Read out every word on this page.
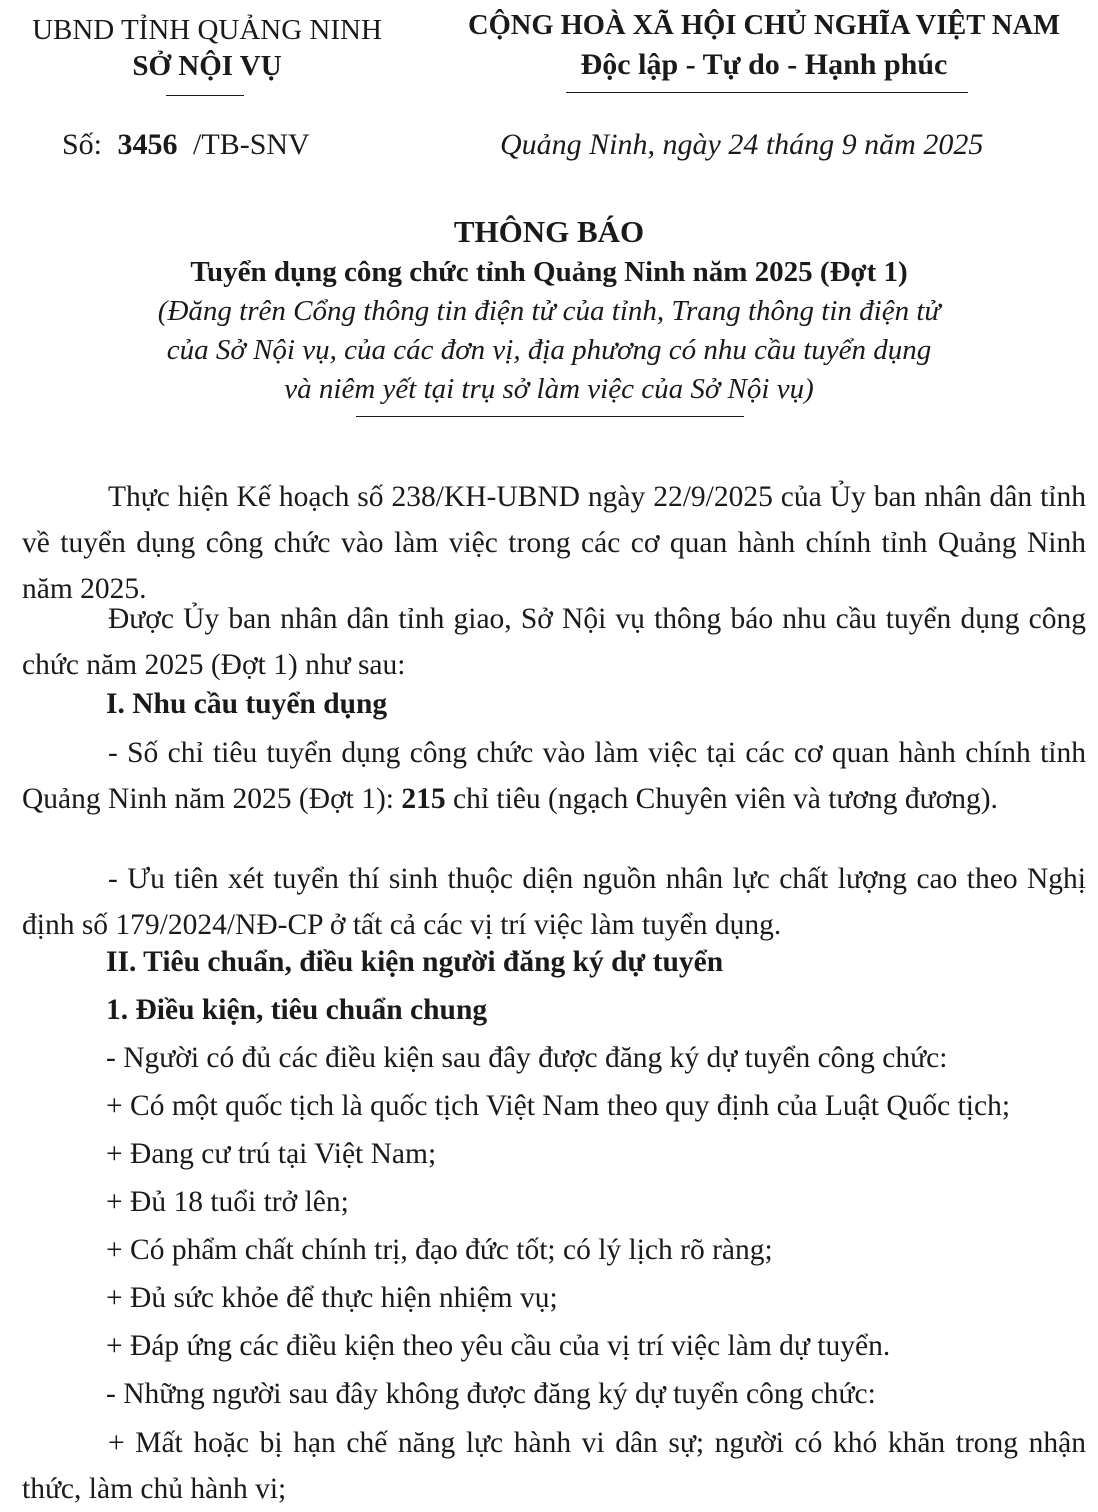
UBND TỈNH QUẢNG NINH
SỞ NỘI VỤ
CỘNG HOÀ XÃ HỘI CHỦ NGHĨA VIỆT NAM
Độc lập - Tự do - Hạnh phúc
Số: 3456 /TB-SNV	Quảng Ninh, ngày 24 tháng 9 năm 2025
THÔNG BÁO
Tuyển dụng công chức tỉnh Quảng Ninh năm 2025 (Đợt 1)
(Đăng trên Cổng thông tin điện tử của tỉnh, Trang thông tin điện tử
của Sở Nội vụ, của các đơn vị, địa phương có nhu cầu tuyển dụng
và niêm yết tại trụ sở làm việc của Sở Nội vụ)
Thực hiện Kế hoạch số 238/KH-UBND ngày 22/9/2025 của Ủy ban nhân dân tỉnh về tuyển dụng công chức vào làm việc trong các cơ quan hành chính tỉnh Quảng Ninh năm 2025.
Được Ủy ban nhân dân tỉnh giao, Sở Nội vụ thông báo nhu cầu tuyển dụng công chức năm 2025 (Đợt 1) như sau:
I. Nhu cầu tuyển dụng
- Số chỉ tiêu tuyển dụng công chức vào làm việc tại các cơ quan hành chính tỉnh Quảng Ninh năm 2025 (Đợt 1): 215 chỉ tiêu (ngạch Chuyên viên và tương đương).
- Ưu tiên xét tuyển thí sinh thuộc diện nguồn nhân lực chất lượng cao theo Nghị định số 179/2024/NĐ-CP ở tất cả các vị trí việc làm tuyển dụng.
II. Tiêu chuẩn, điều kiện người đăng ký dự tuyển
1. Điều kiện, tiêu chuẩn chung
- Người có đủ các điều kiện sau đây được đăng ký dự tuyển công chức:
+ Có một quốc tịch là quốc tịch Việt Nam theo quy định của Luật Quốc tịch;
+ Đang cư trú tại Việt Nam;
+ Đủ 18 tuổi trở lên;
+ Có phẩm chất chính trị, đạo đức tốt; có lý lịch rõ ràng;
+ Đủ sức khỏe để thực hiện nhiệm vụ;
+ Đáp ứng các điều kiện theo yêu cầu của vị trí việc làm dự tuyển.
- Những người sau đây không được đăng ký dự tuyển công chức:
+ Mất hoặc bị hạn chế năng lực hành vi dân sự; người có khó khăn trong nhận thức, làm chủ hành vi;
